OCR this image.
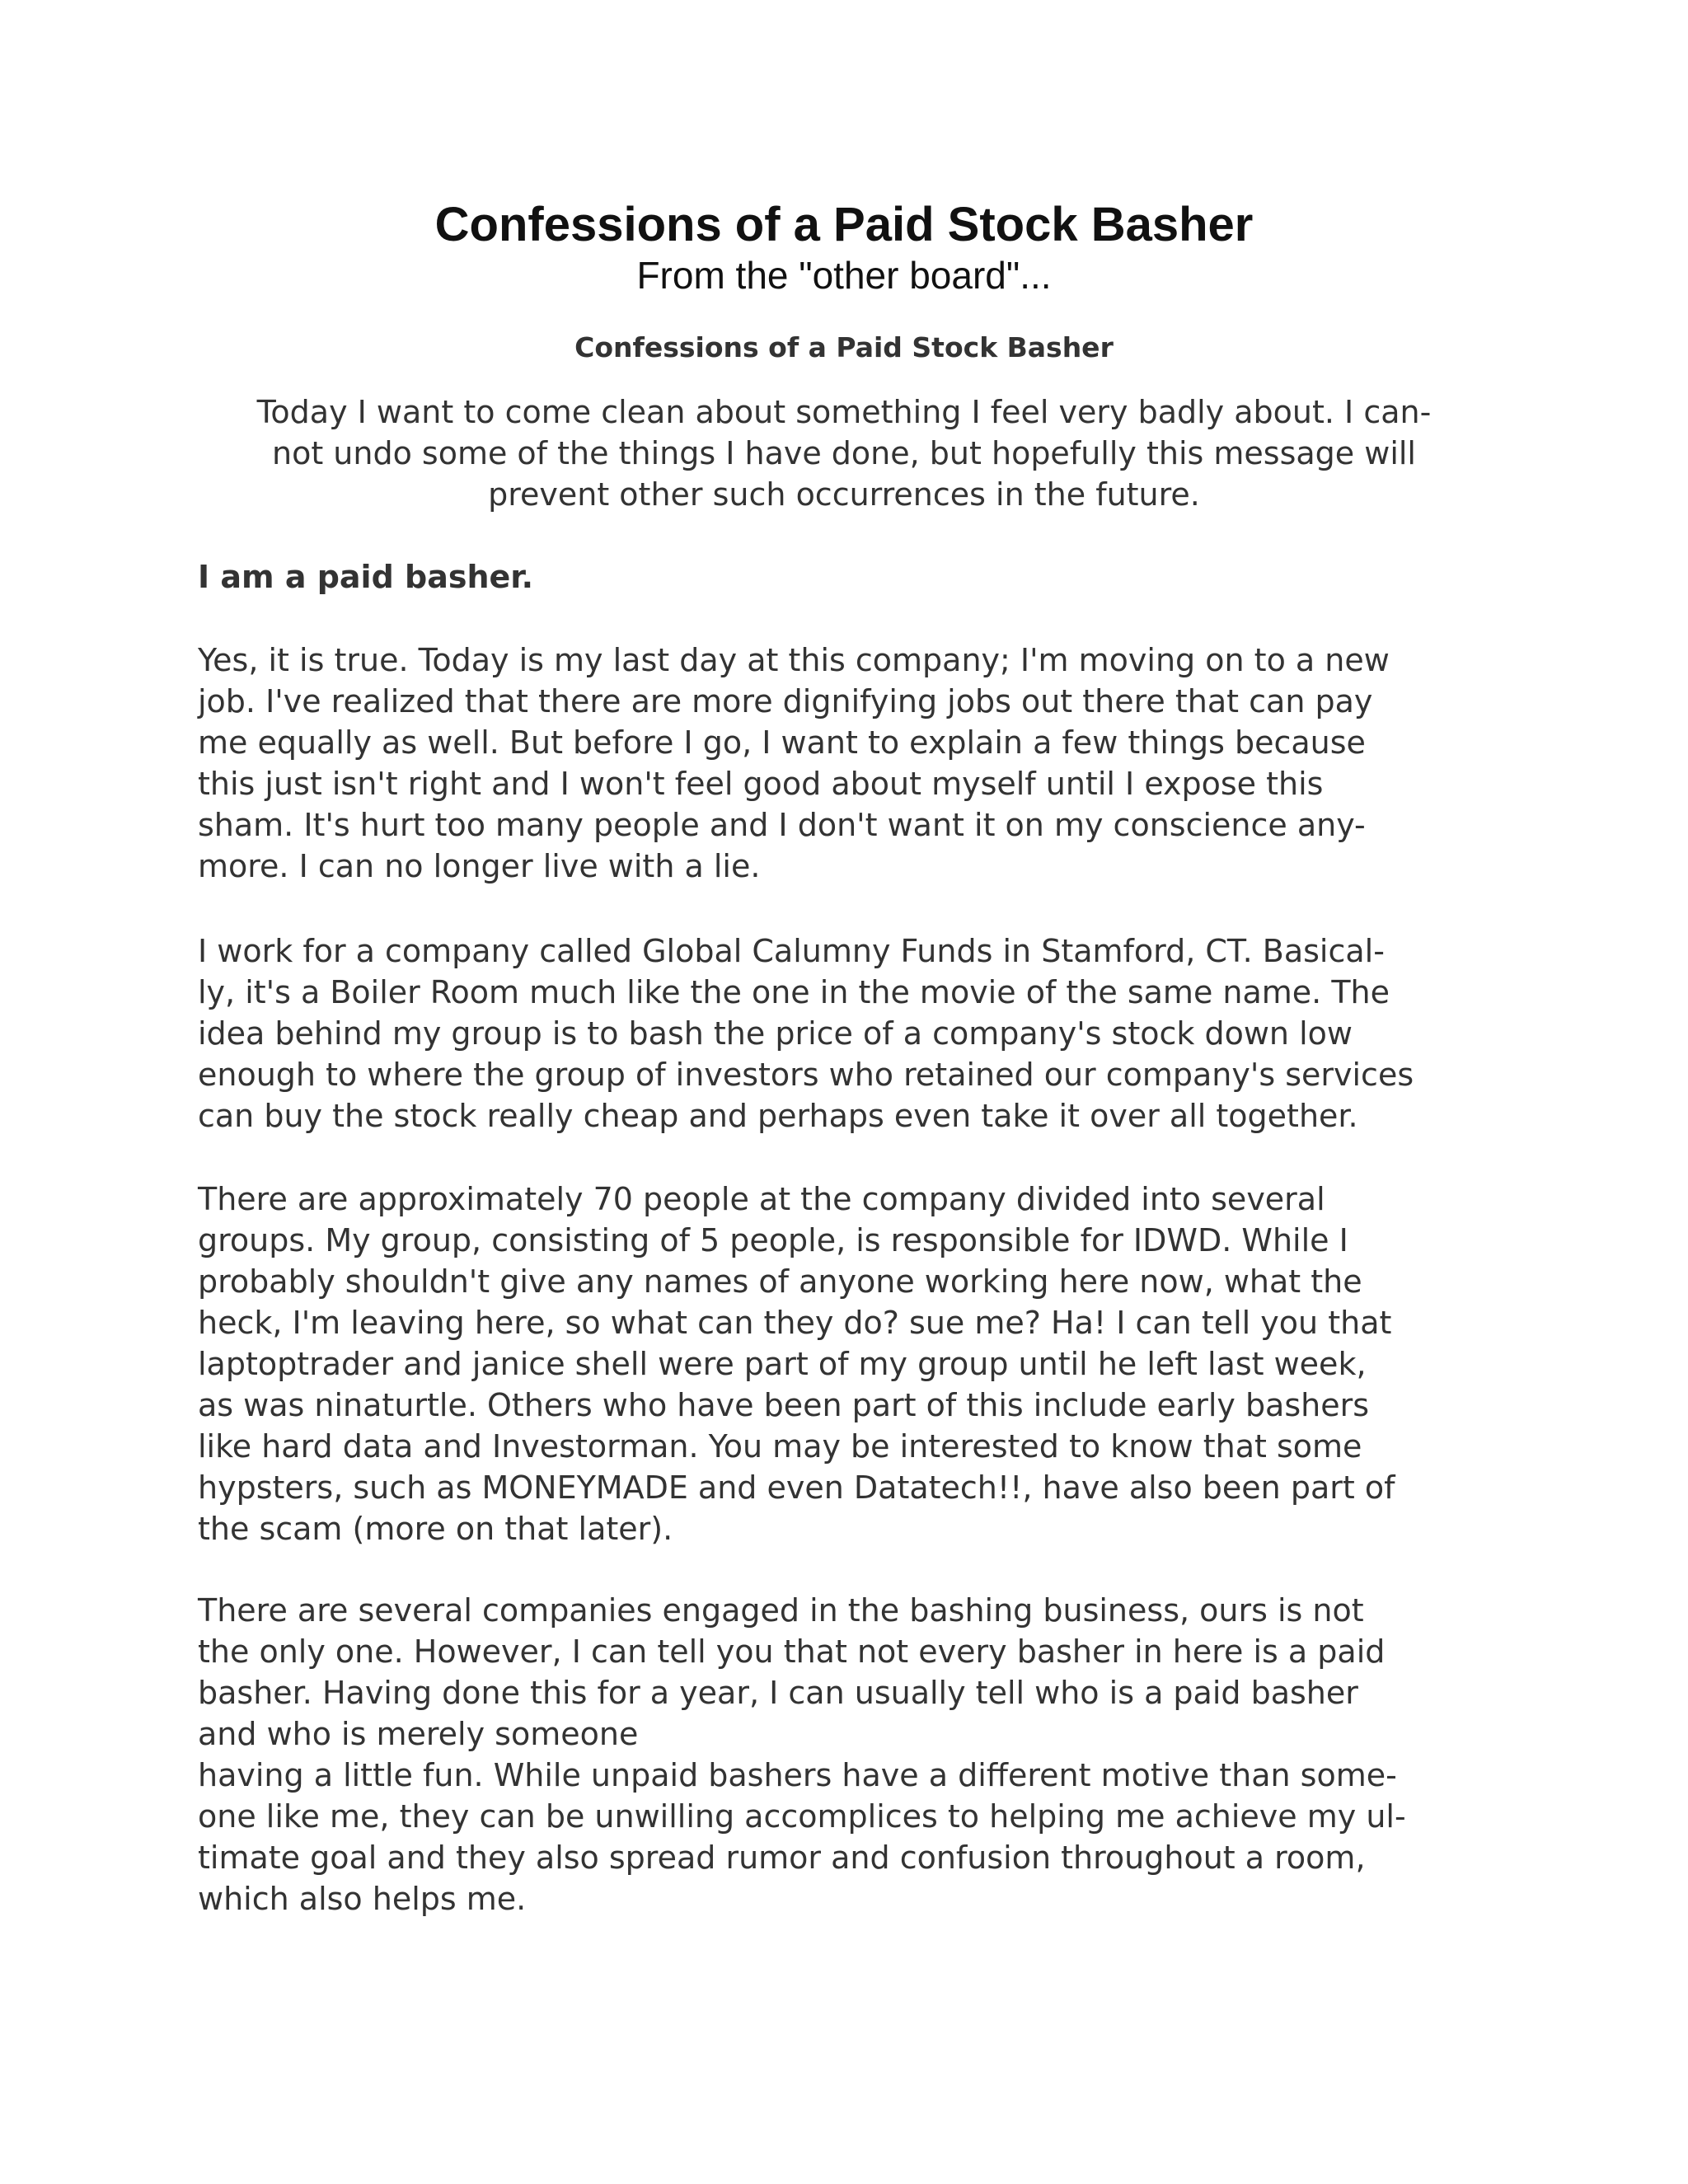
Confessions of a Paid Stock Basher
From the "other board"...
Confessions of a Paid Stock Basher
Today I want to come clean about something I feel very badly about. I can-
not undo some of the things I have done, but hopefully this message will
prevent other such occurrences in the future.
I am a paid basher.
Yes, it is true. Today is my last day at this company; I'm moving on to a new
job. I've realized that there are more dignifying jobs out there that can pay
me equally as well. But before I go, I want to explain a few things because
this just isn't right and I won't feel good about myself until I expose this
sham. It's hurt too many people and I don't want it on my conscience any-
more. I can no longer live with a lie.
I work for a company called Global Calumny Funds in Stamford, CT. Basical-
ly, it's a Boiler Room much like the one in the movie of the same name. The
idea behind my group is to bash the price of a company's stock down low
enough to where the group of investors who retained our company's services
can buy the stock really cheap and perhaps even take it over all together.
There are approximately 70 people at the company divided into several
groups. My group, consisting of 5 people, is responsible for IDWD. While I
probably shouldn't give any names of anyone working here now, what the
heck, I'm leaving here, so what can they do? sue me? Ha! I can tell you that
laptoptrader and janice shell were part of my group until he left last week,
as was ninaturtle. Others who have been part of this include early bashers
like hard data and Investorman. You may be interested to know that some
hypsters, such as MONEYMADE and even Datatech!!, have also been part of
the scam (more on that later).
There are several companies engaged in the bashing business, ours is not
the only one. However, I can tell you that not every basher in here is a paid
basher. Having done this for a year, I can usually tell who is a paid basher
and who is merely someone
having a little fun. While unpaid bashers have a different motive than some-
one like me, they can be unwilling accomplices to helping me achieve my ul-
timate goal and they also spread rumor and confusion throughout a room,
which also helps me.
